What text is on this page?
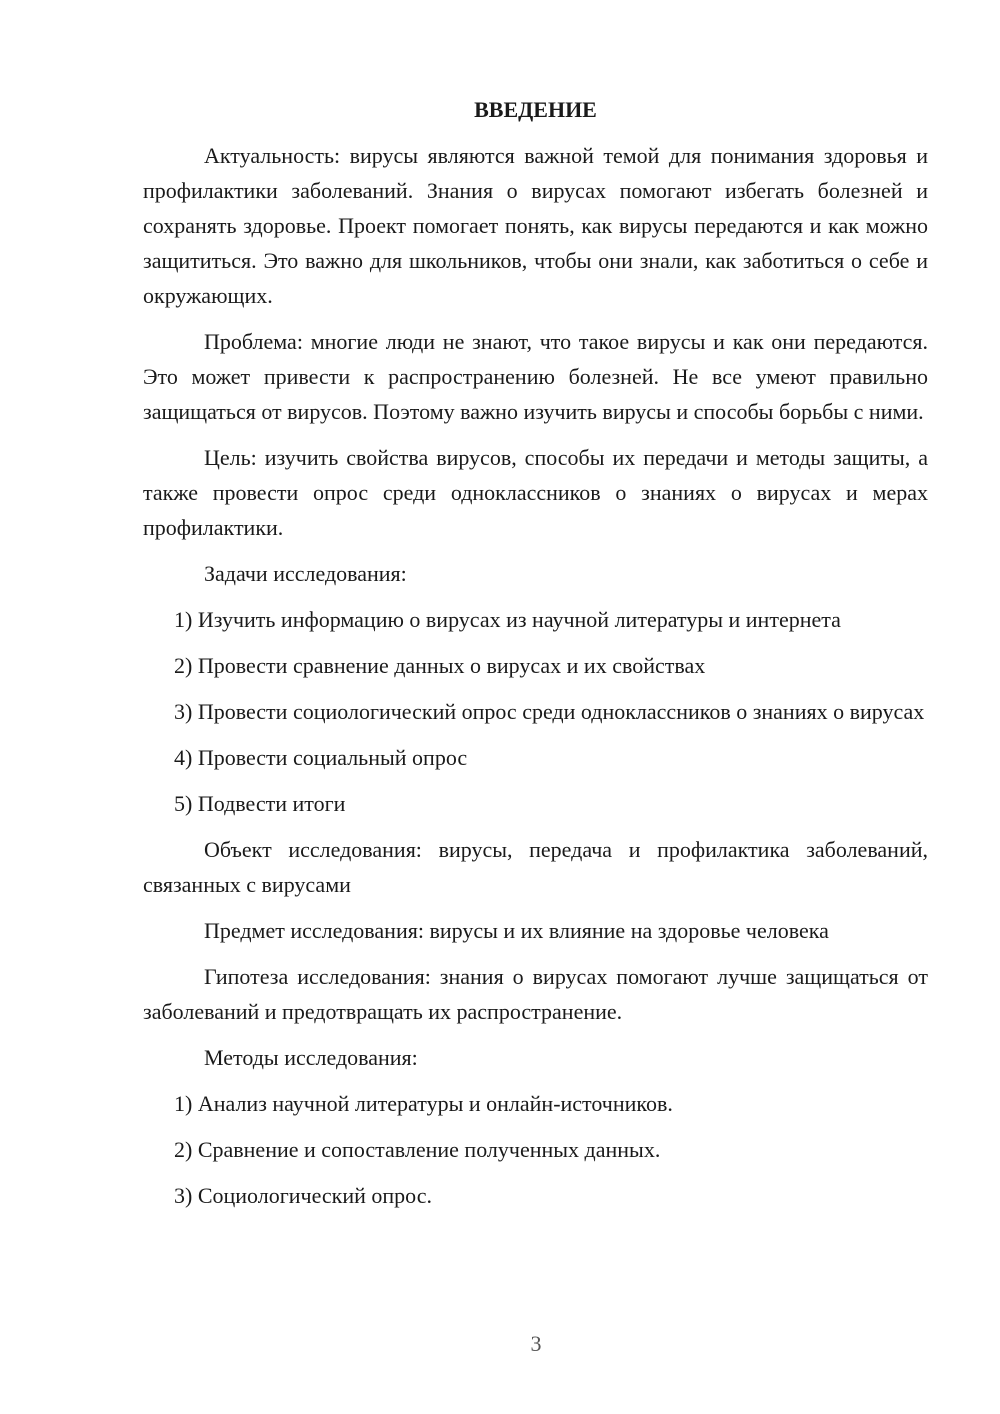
ВВЕДЕНИЕ

Актуальность: вирусы являются важной темой для понимания здоровья и профилактики заболеваний. Знания о вирусах помогают избегать болезней и сохранять здоровье. Проект помогает понять, как вирусы передаются и как можно защититься. Это важно для школьников, чтобы они знали, как заботиться о себе и окружающих.

Проблема: многие люди не знают, что такое вирусы и как они передаются. Это может привести к распространению болезней. Не все умеют правильно защищаться от вирусов. Поэтому важно изучить вирусы и способы борьбы с ними.

Цель: изучить свойства вирусов, способы их передачи и методы защиты, а также провести опрос среди одноклассников о знаниях о вирусах и мерах профилактики.

Задачи исследования:

1) Изучить информацию о вирусах из научной литературы и интернета

2) Провести сравнение данных о вирусах и их свойствах

3) Провести социологический опрос среди одноклассников о знаниях о вирусах

4) Провести социальный опрос

5) Подвести итоги

Объект исследования: вирусы, передача и профилактика заболеваний, связанных с вирусами

Предмет исследования: вирусы и их влияние на здоровье человека

Гипотеза исследования: знания о вирусах помогают лучше защищаться от заболеваний и предотвращать их распространение.

Методы исследования:

1) Анализ научной литературы и онлайн-источников.

2) Сравнение и сопоставление полученных данных.

3) Социологический опрос.

3
